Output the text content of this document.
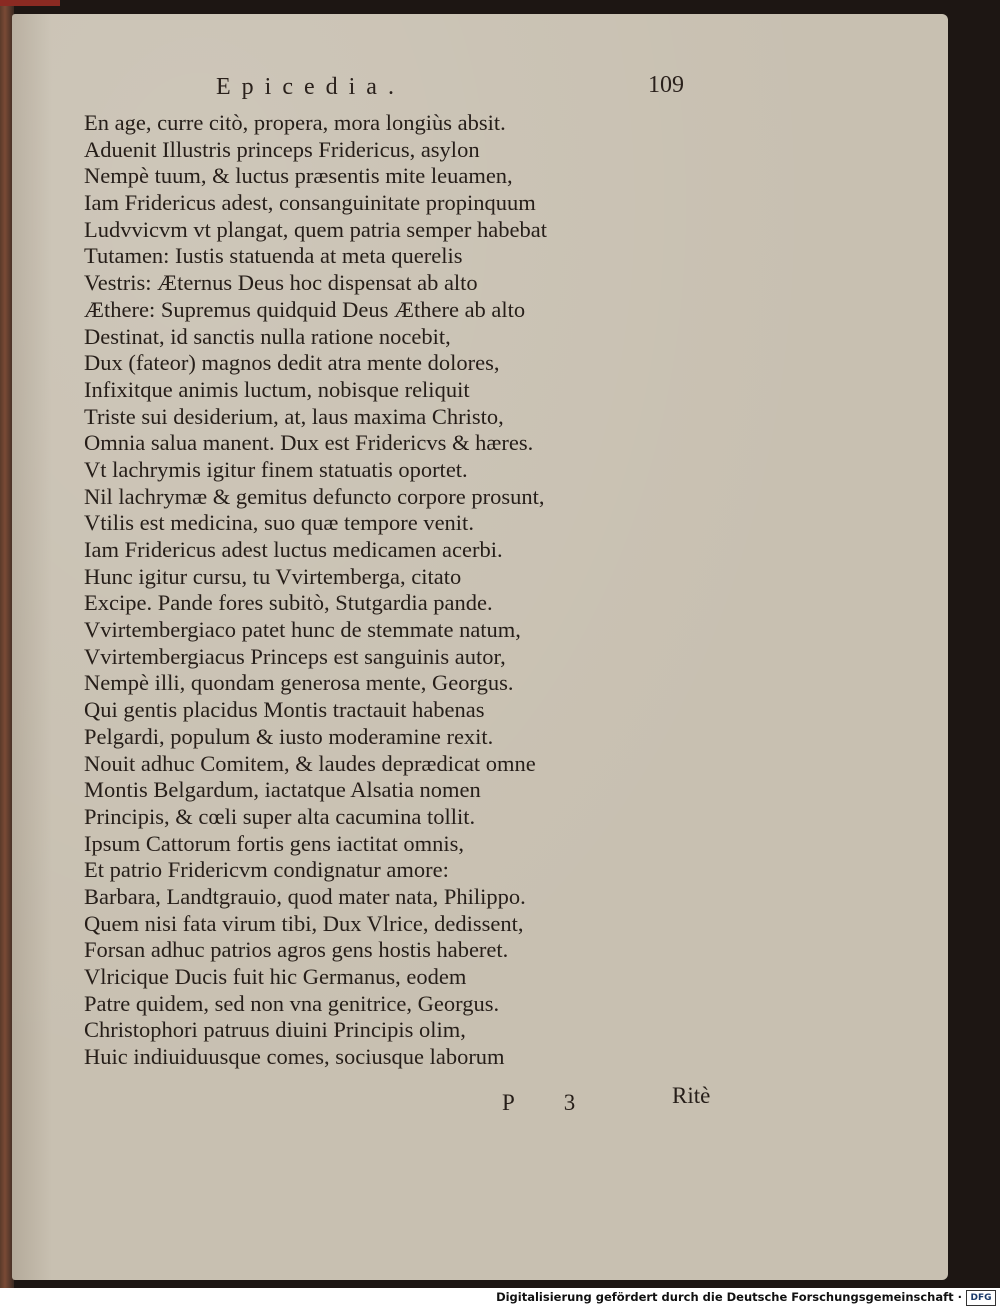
Epicedia.	109
En age, curre citò, propera, mora longiùs absit.
Aduenit Illustris princeps Fridericus, asylon
Nempè tuum, & luctus præsentis mite leuamen,
Iam Fridericus adest, consanguinitate propinquum
Ludvvicvm vt plangat, quem patria semper habebat
Tutamen: Iustis statuenda at meta querelis
Vestris: Æternus Deus hoc dispensat ab alto
Æthere: Supremus quidquid Deus Æthere ab alto
Destinat, id sanctis nulla ratione nocebit,
Dux (fateor) magnos dedit atra mente dolores,
Infixitque animis luctum, nobisque reliquit
Triste sui desiderium, at, laus maxima Christo,
Omnia salua manent. Dux est Fridericvs & hæres.
Vt lachrymis igitur finem statuatis oportet.
Nil lachrymæ & gemitus defuncto corpore prosunt,
Vtilis est medicina, suo quæ tempore venit.
Iam Fridericus adest luctus medicamen acerbi.
Hunc igitur cursu, tu Vvirtemberga, citato
Excipe. Pande fores subitò, Stutgardia pande.
Vvirtembergiaco patet hunc de stemmate natum,
Vvirtembergiacus Princeps est sanguinis autor,
Nempè illi, quondam generosa mente, Georgus.
Qui gentis placidus Montis tractauit habenas
Pelgardi, populum & iusto moderamine rexit.
Nouit adhuc Comitem, & laudes deprædicat omne
Montis Belgardum, iactatque Alsatia nomen
Principis, & cœli super alta cacumina tollit.
Ipsum Cattorum fortis gens iactitat omnis,
Et patrio Fridericvm condignatur amore:
Barbara, Landtgrauio, quod mater nata, Philippo.
Quem nisi fata virum tibi, Dux Vlrice, dedissent,
Forsan adhuc patrios agros gens hostis haberet.
Vlricique Ducis fuit hic Germanus, eodem
Patre quidem, sed non vna genitrice, Georgus.
Christophori patruus diuini Principis olim,
Huic indiuiduusque comes, sociusque laborum
P 3	Ritè
Digitalisierung gefördert durch die Deutsche Forschungsgemeinschaft · DFG
